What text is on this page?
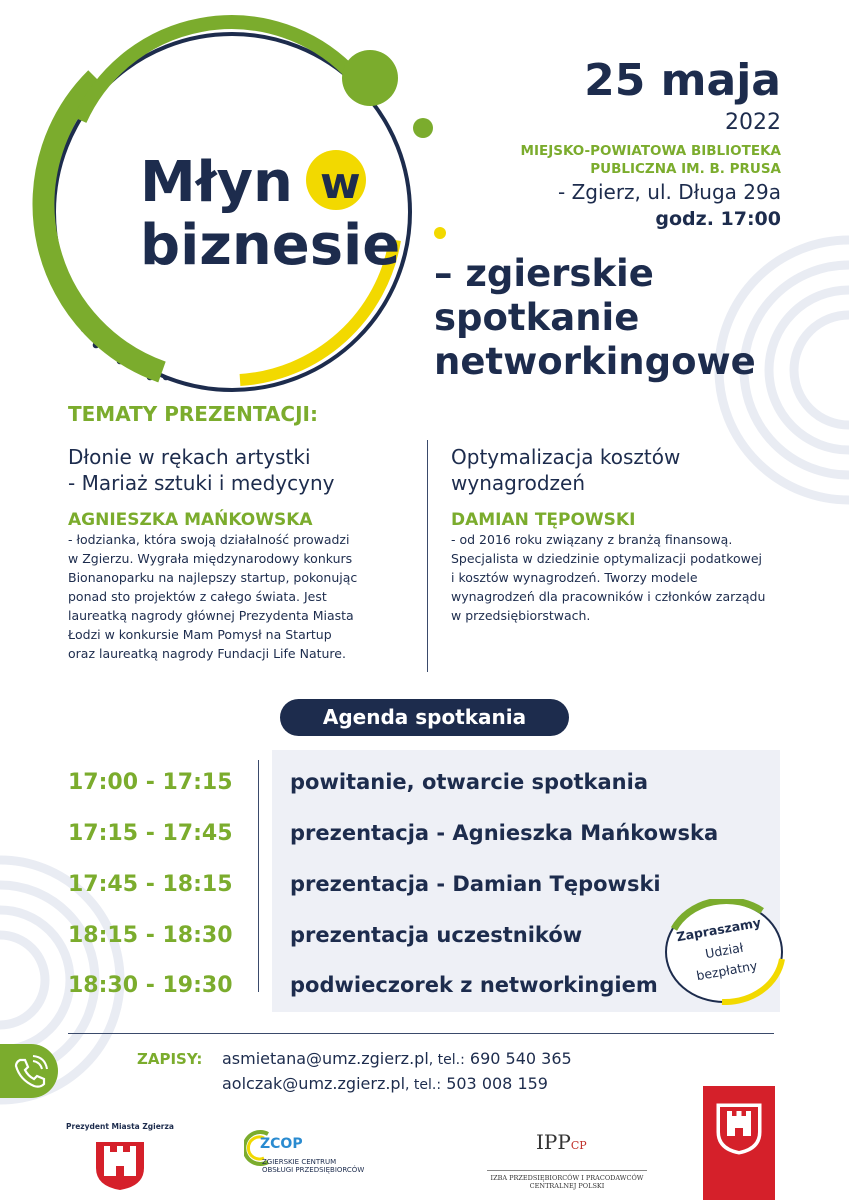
Młyn w
biznesie
25 maja
2022
MIEJSKO-POWIATOWA BIBLIOTEKA
PUBLICZNA IM. B. PRUSA
- Zgierz, ul. Długa 29a
godz. 17:00
– zgierskie
spotkanie
networkingowe
TEMATY PREZENTACJI:
Dłonie w rękach artystki
- Mariaż sztuki i medycyny
AGNIESZKA MAŃKOWSKA
- łodzianka, która swoją działalność prowadzi
w Zgierzu. Wygrała międzynarodowy konkurs
Bionanoparku na najlepszy startup, pokonując
ponad sto projektów z całego świata. Jest
laureatką nagrody głównej Prezydenta Miasta
Łodzi w konkursie Mam Pomysł na Startup
oraz laureatką nagrody Fundacji Life Nature.
Optymalizacja kosztów
wynagrodzeń
DAMIAN TĘPOWSKI
- od 2016 roku związany z branżą finansową.
Specjalista w dziedzinie optymalizacji podatkowej
i kosztów wynagrodzeń. Tworzy modele
wynagrodzeń dla pracowników i członków zarządu
w przedsiębiorstwach.
Agenda spotkania
17:00 - 17:15	powitanie, otwarcie spotkania
17:15 - 17:45	prezentacja - Agnieszka Mańkowska
17:45 - 18:15	prezentacja - Damian Tępowski
18:15 - 18:30	prezentacja uczestników
18:30 - 19:30	podwieczorek z networkingiem
Zapraszamy
Udział
bezpłatny
ZAPISY: asmietana@umz.zgierz.pl, tel.: 690 540 365
aolczak@umz.zgierz.pl, tel.: 503 008 159
Prezydent Miasta Zgierza
ZCOP
ZGIERSKIE CENTRUM
OBSŁUGI PRZEDSIĘBIORCÓW
IPPCP
IZBA PRZEDSIĘBIORCÓW I PRACODAWCÓW
CENTRALNEJ POLSKI
